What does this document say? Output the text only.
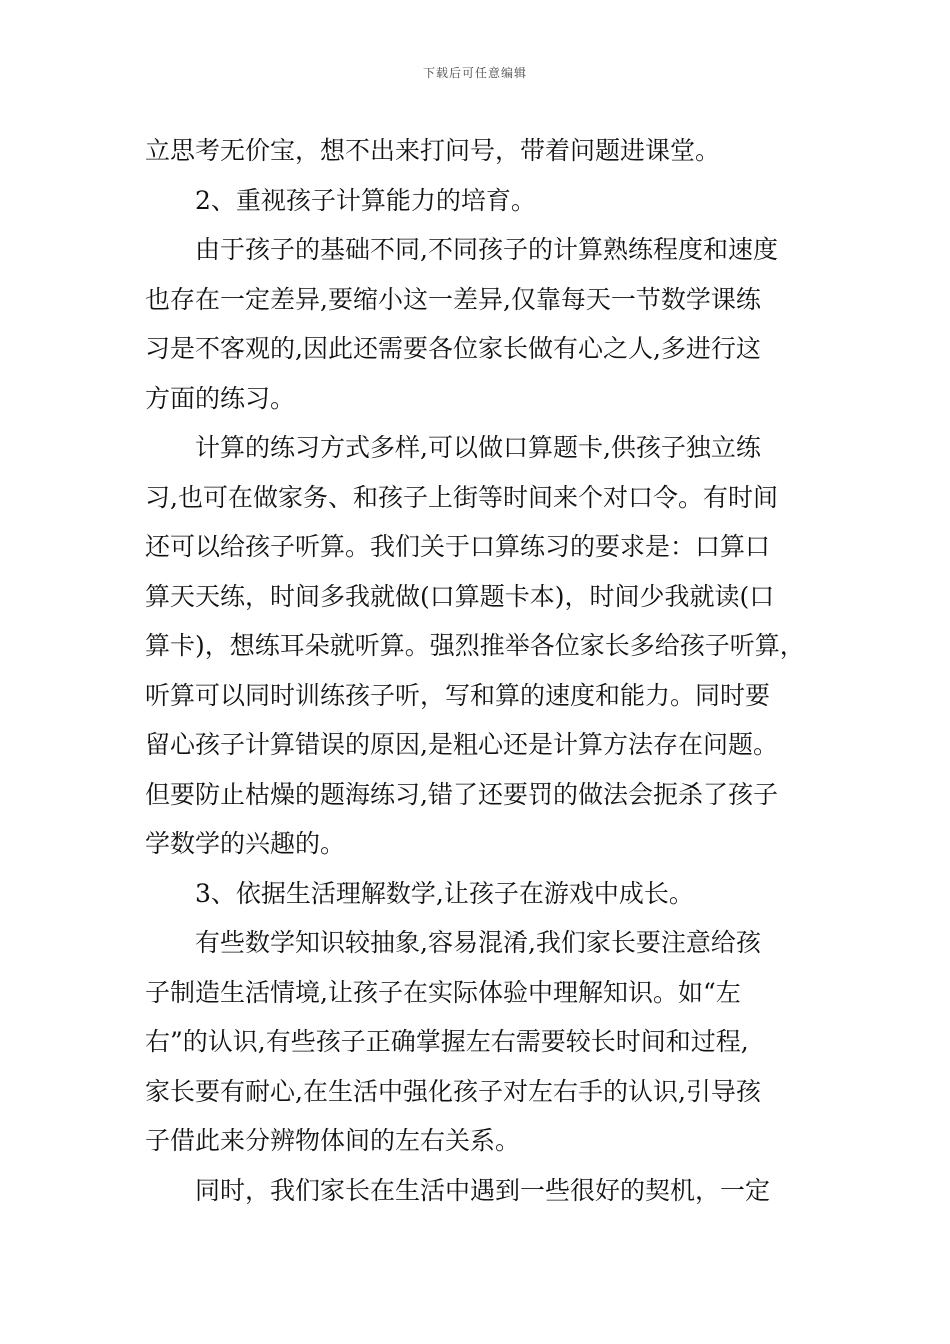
下载后可任意编辑
立思考无价宝，想不出来打问号，带着问题进课堂。
2、重视孩子计算能力的培育。
由于孩子的基础不同,不同孩子的计算熟练程度和速度
也存在一定差异,要缩小这一差异,仅靠每天一节数学课练
习是不客观的,因此还需要各位家长做有心之人,多进行这
方面的练习。
计算的练习方式多样,可以做口算题卡,供孩子独立练
习,也可在做家务、和孩子上街等时间来个对口令。有时间
还可以给孩子听算。我们关于口算练习的要求是：口算口
算天天练，时间多我就做(口算题卡本)，时间少我就读(口
算卡)，想练耳朵就听算。强烈推举各位家长多给孩子听算，
听算可以同时训练孩子听，写和算的速度和能力。同时要
留心孩子计算错误的原因,是粗心还是计算方法存在问题。
但要防止枯燥的题海练习,错了还要罚的做法会扼杀了孩子
学数学的兴趣的。
3、依据生活理解数学,让孩子在游戏中成长。
有些数学知识较抽象,容易混淆,我们家长要注意给孩
子制造生活情境,让孩子在实际体验中理解知识。如“左
右”的认识,有些孩子正确掌握左右需要较长时间和过程,
家长要有耐心,在生活中强化孩子对左右手的认识,引导孩
子借此来分辨物体间的左右关系。
同时，我们家长在生活中遇到一些很好的契机，一定
